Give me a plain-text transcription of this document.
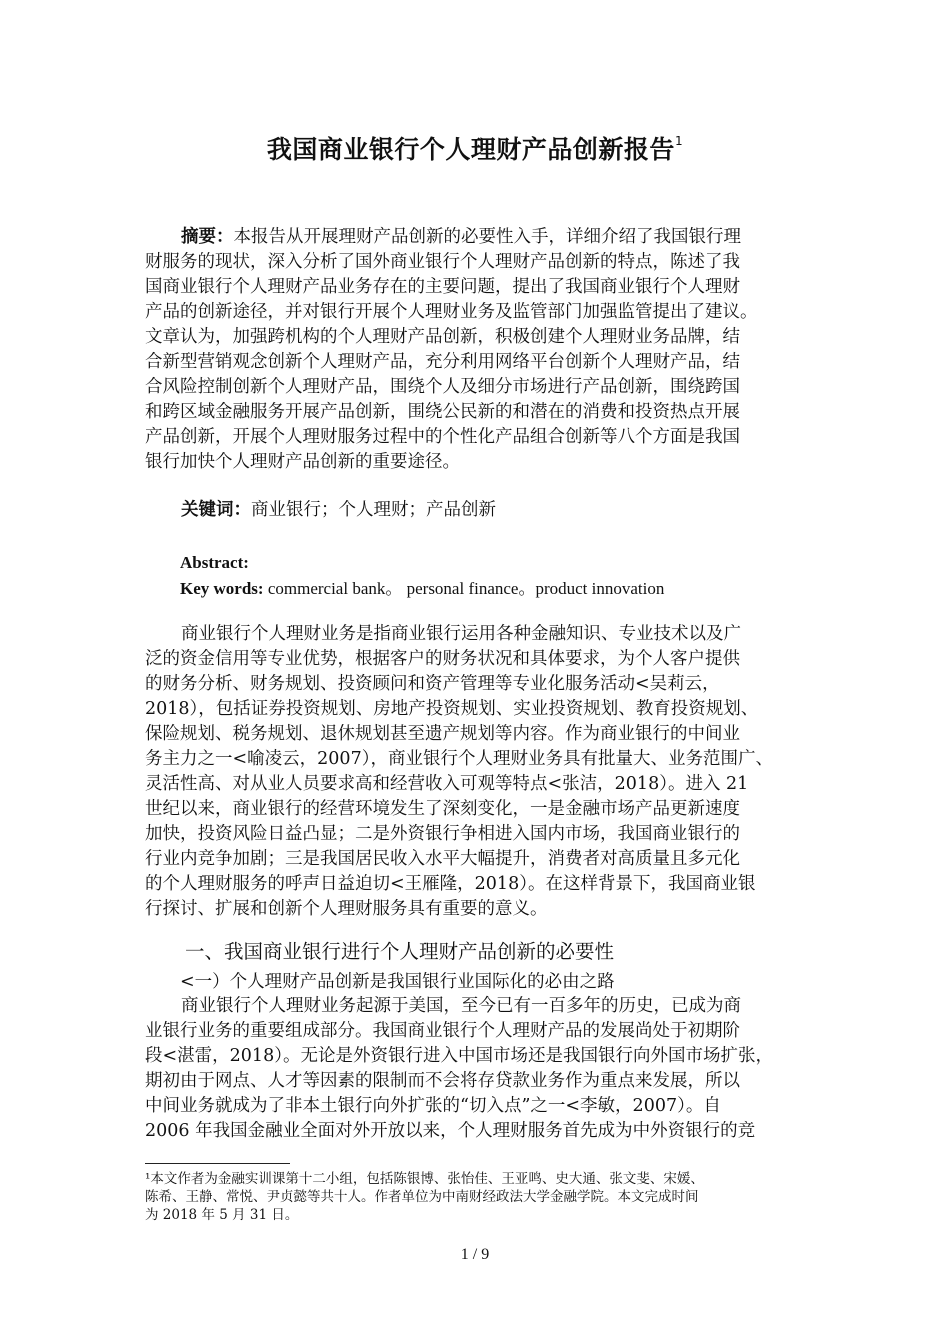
我国商业银行个人理财产品创新报告$^1$
摘要：本报告从开展理财产品创新的必要性入手，详细介绍了我国银行理
财服务的现状，深入分析了国外商业银行个人理财产品创新的特点，陈述了我
国商业银行个人理财产品业务存在的主要问题，提出了我国商业银行个人理财
产品的创新途径，并对银行开展个人理财业务及监管部门加强监管提出了建议。
文章认为，加强跨机构的个人理财产品创新，积极创建个人理财业务品牌，结
合新型营销观念创新个人理财产品，充分利用网络平台创新个人理财产品，结
合风险控制创新个人理财产品，围绕个人及细分市场进行产品创新，围绕跨国
和跨区域金融服务开展产品创新，围绕公民新的和潜在的消费和投资热点开展
产品创新，开展个人理财服务过程中的个性化产品组合创新等八个方面是我国
银行加快个人理财产品创新的重要途径。
关键词：商业银行；个人理财；产品创新
Abstract:
Key words: commercial bank。 personal finance。product innovation
商业银行个人理财业务是指商业银行运用各种金融知识、专业技术以及广
泛的资金信用等专业优势，根据客户的财务状况和具体要求，为个人客户提供
的财务分析、财务规划、投资顾问和资产管理等专业化服务活动<吴莉云，
2018），包括证券投资规划、房地产投资规划、实业投资规划、教育投资规划、
保险规划、税务规划、退休规划甚至遗产规划等内容。作为商业银行的中间业
务主力之一<喻凌云，2007），商业银行个人理财业务具有批量大、业务范围广、
灵活性高、对从业人员要求高和经营收入可观等特点<张洁，2018）。进入 21
世纪以来，商业银行的经营环境发生了深刻变化，一是金融市场产品更新速度
加快，投资风险日益凸显；二是外资银行争相进入国内市场，我国商业银行的
行业内竞争加剧；三是我国居民收入水平大幅提升，消费者对高质量且多元化
的个人理财服务的呼声日益迫切<王雁隆，2018）。在这样背景下，我国商业银
行探讨、扩展和创新个人理财服务具有重要的意义。
一、我国商业银行进行个人理财产品创新的必要性
<一）个人理财产品创新是我国银行业国际化的必由之路
商业银行个人理财业务起源于美国，至今已有一百多年的历史，已成为商
业银行业务的重要组成部分。我国商业银行个人理财产品的发展尚处于初期阶
段<湛雷，2018）。无论是外资银行进入中国市场还是我国银行向外国市场扩张，
期初由于网点、人才等因素的限制而不会将存贷款业务作为重点来发展，所以
中间业务就成为了非本土银行向外扩张的“切入点”之一<李敏，2007）。自
2006 年我国金融业全面对外开放以来，个人理财服务首先成为中外资银行的竞
¹本文作者为金融实训课第十二小组，包括陈银博、张怡佳、王亚鸣、史大通、张文斐、宋媛、
陈希、王静、常悦、尹贞懿等共十人。作者单位为中南财经政法大学金融学院。本文完成时间
为 2018 年 5 月 31 日。
1 / 9
